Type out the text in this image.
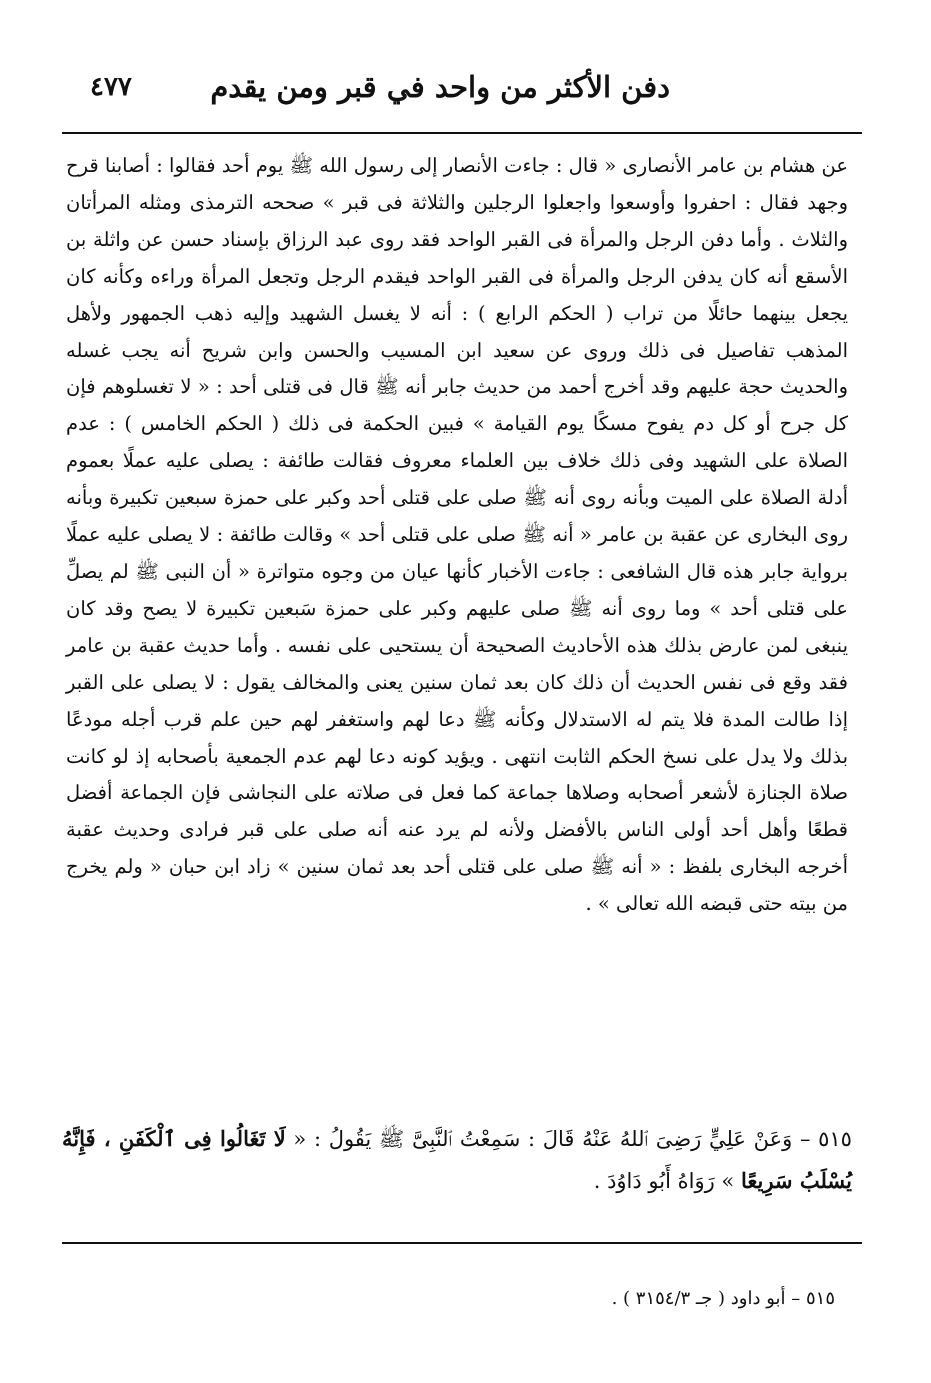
دفن الأكثر من واحد في قبر ومن يقدم
٤٧٧

عن هشام بن عامر الأنصارى « قال : جاءت الأنصار إلى رسول الله ﷺ يوم أحد فقالوا : أصابنا قرح وجهد فقال : احفروا وأوسعوا واجعلوا الرجلين والثلاثة فى قبر » صححه الترمذى ومثله المرأتان والثلاث . وأما دفن الرجل والمرأة فى القبر الواحد فقد روى عبد الرزاق بإسناد حسن عن واثلة بن الأسقع أنه كان يدفن الرجل والمرأة فى القبر الواحد فيقدم الرجل وتجعل المرأة وراءه وكأنه كان يجعل بينهما حائلًا من تراب ( الحكم الرابع ) : أنه لا يغسل الشهيد وإليه ذهب الجمهور ولأهل المذهب تفاصيل فى ذلك وروى عن سعيد ابن المسيب والحسن وابن شريح أنه يجب غسله والحديث حجة عليهم وقد أخرج أحمد من حديث جابر أنه ﷺ قال فى قتلى أحد : « لا تغسلوهم فإن كل جرح أو كل دم يفوح مسكًا يوم القيامة » فبين الحكمة فى ذلك ( الحكم الخامس ) : عدم الصلاة على الشهيد وفى ذلك خلاف بين العلماء معروف فقالت طائفة : يصلى عليه عملًا بعموم أدلة الصلاة على الميت وبأنه روى أنه ﷺ صلى على قتلى أحد وكبر على حمزة سبعين تكبيرة وبأنه روى البخارى عن عقبة بن عامر « أنه ﷺ صلى على قتلى أحد » وقالت طائفة : لا يصلى عليه عملًا برواية جابر هذه قال الشافعى : جاءت الأخبار كأنها عيان من وجوه متواترة « أن النبى ﷺ لم يصلِّ على قتلى أحد » وما روى أنه ﷺ صلى عليهم وكبر على حمزة سَبعين تكبيرة لا يصح وقد كان ينبغى لمن عارض بذلك هذه الأحاديث الصحيحة أن يستحيى على نفسه . وأما حديث عقبة بن عامر فقد وقع فى نفس الحديث أن ذلك كان بعد ثمان سنين يعنى والمخالف يقول : لا يصلى على القبر إذا طالت المدة فلا يتم له الاستدلال وكأنه ﷺ دعا لهم واستغفر لهم حين علم قرب أجله مودعًا بذلك ولا يدل على نسخ الحكم الثابت انتهى . ويؤيد كونه دعا لهم عدم الجمعية بأصحابه إذ لو كانت صلاة الجنازة لأشعر أصحابه وصلاها جماعة كما فعل فى صلاته على النجاشى فإن الجماعة أفضل قطعًا وأهل أحد أولى الناس بالأفضل ولأنه لم يرد عنه أنه صلى على قبر فرادى وحديث عقبة أخرجه البخارى بلفظ : « أنه ﷺ صلى على قتلى أحد بعد ثمان سنين » زاد ابن حبان « ولم يخرج من بيته حتى قبضه الله تعالى » .

٥١٥ – وَعَنْ عَلِيٍّ رَضِىَ ٱللهُ عَنْهُ قَالَ : سَمِعْتُ ٱلنَّبِىَّ ﷺ يَقُولُ : « لَا تَغَالُوا فِى ٱلْكَفَنِ ، فَإِنَّهُ يُسْلَبُ سَرِيعًا » رَوَاهُ أَبُو دَاوُدَ .
٥١٥ – أبو داود ( جـ ٣١٥٤/٣ ) .
